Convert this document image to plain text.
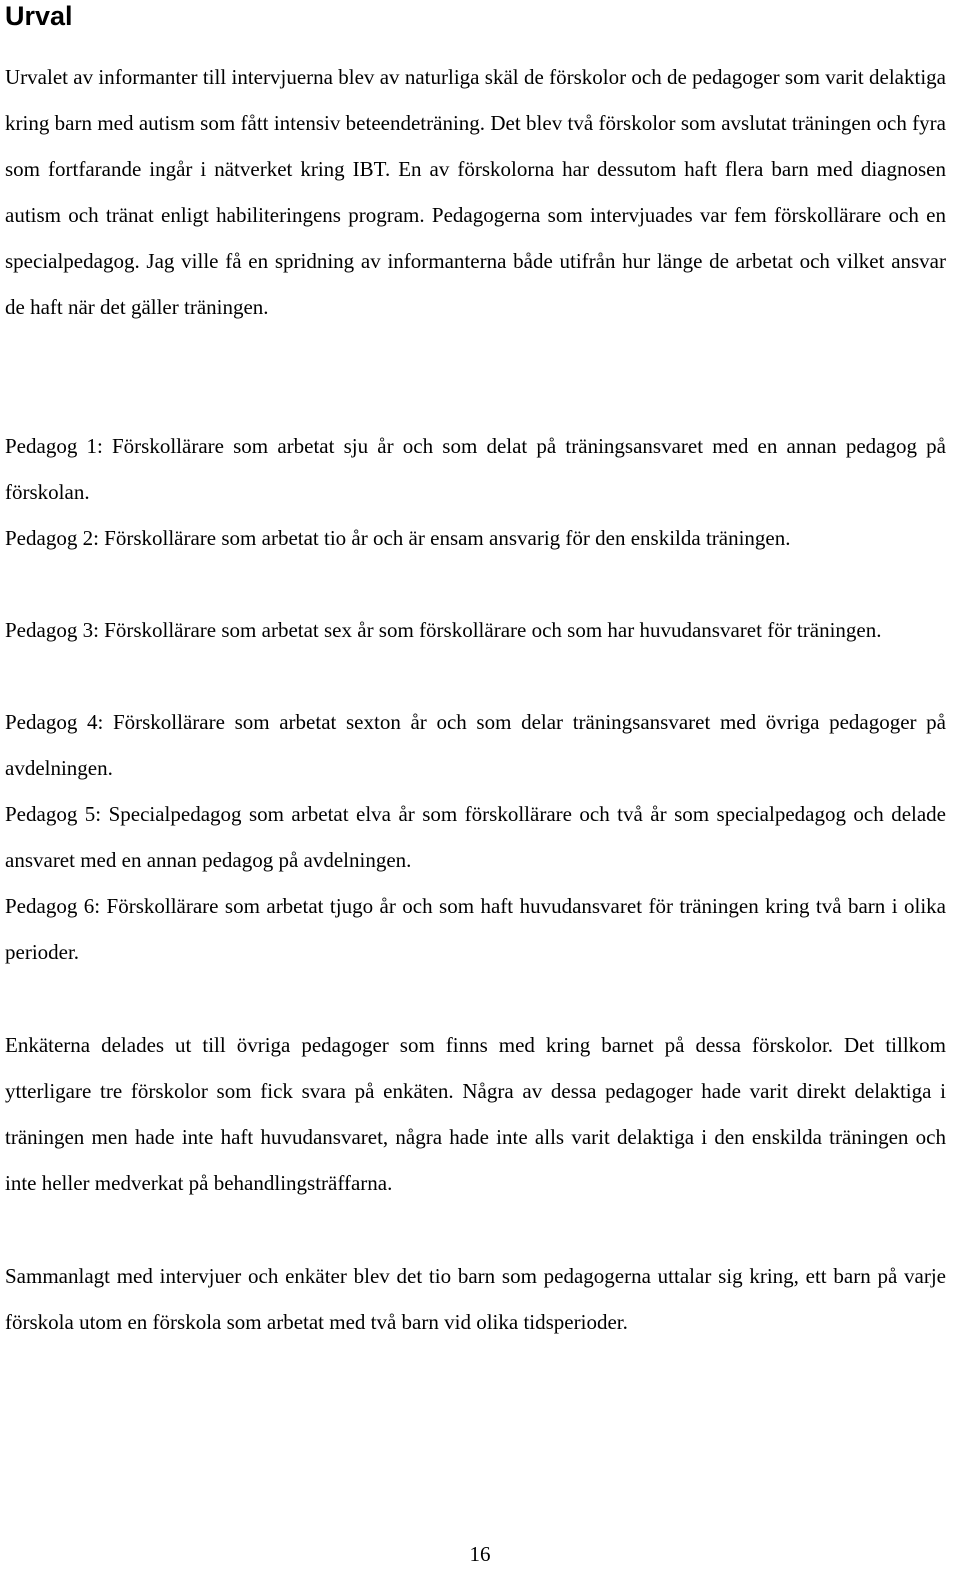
Urval

Urvalet av informanter till intervjuerna blev av naturliga skäl de förskolor och de pedagoger som varit delaktiga kring barn med autism som fått intensiv beteendeträning. Det blev två förskolor som avslutat träningen och fyra som fortfarande ingår i nätverket kring IBT. En av förskolorna har dessutom haft flera barn med diagnosen autism och tränat enligt habiliteringens program. Pedagogerna som intervjuades var fem förskollärare och en specialpedagog. Jag ville få en spridning av informanterna både utifrån hur länge de arbetat och vilket ansvar de haft när det gäller träningen.

Pedagog 1: Förskollärare som arbetat sju år och som delat på träningsansvaret med en annan pedagog på förskolan.

Pedagog 2: Förskollärare som arbetat tio år och är ensam ansvarig för den enskilda träningen.

Pedagog 3: Förskollärare som arbetat sex år som förskollärare och som har huvudansvaret för träningen.

Pedagog 4: Förskollärare som arbetat sexton år och som delar träningsansvaret med övriga pedagoger på avdelningen.

Pedagog 5: Specialpedagog som arbetat elva år som förskollärare och två år som specialpedagog och delade ansvaret med en annan pedagog på avdelningen.

Pedagog 6: Förskollärare som arbetat tjugo år och som haft huvudansvaret för träningen kring två barn i olika perioder.

Enkäterna delades ut till övriga pedagoger som finns med kring barnet på dessa förskolor. Det tillkom ytterligare tre förskolor som fick svara på enkäten. Några av dessa pedagoger hade varit direkt delaktiga i träningen men hade inte haft huvudansvaret, några hade inte alls varit delaktiga i den enskilda träningen och inte heller medverkat på behandlingsträffarna.

Sammanlagt med intervjuer och enkäter blev det tio barn som pedagogerna uttalar sig kring, ett barn på varje förskola utom en förskola som arbetat med två barn vid olika tidsperioder.

16
